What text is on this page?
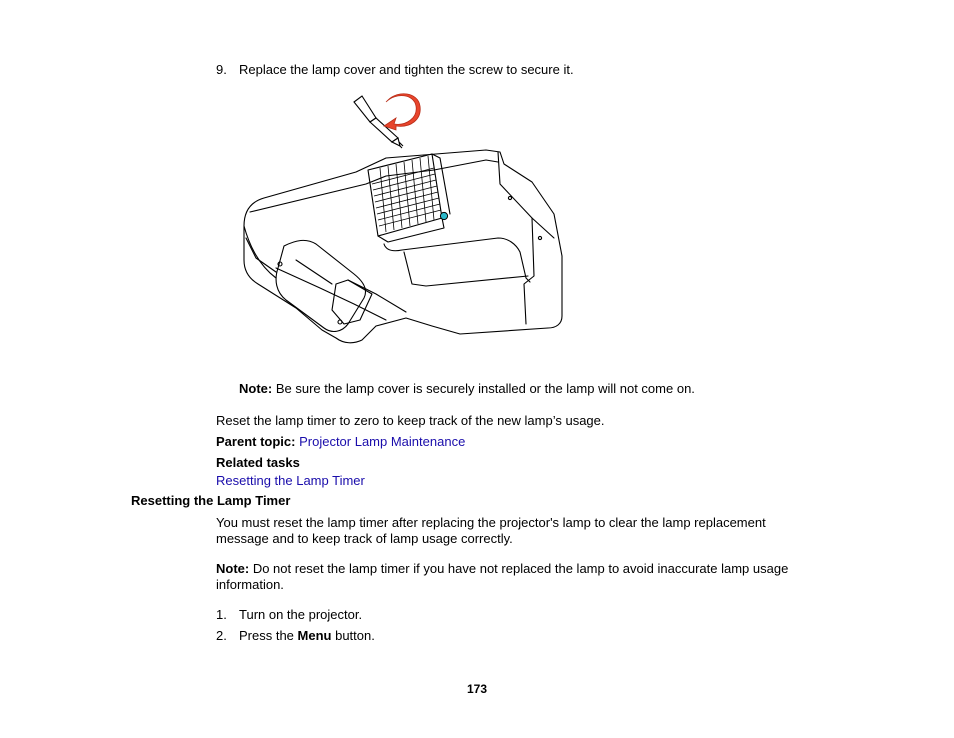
9. Replace the lamp cover and tighten the screw to secure it.
Note: Be sure the lamp cover is securely installed or the lamp will not come on.
Reset the lamp timer to zero to keep track of the new lamp’s usage.
Parent topic: Projector Lamp Maintenance
Related tasks
Resetting the Lamp Timer
Resetting the Lamp Timer
You must reset the lamp timer after replacing the projector's lamp to clear the lamp replacement
message and to keep track of lamp usage correctly.
Note: Do not reset the lamp timer if you have not replaced the lamp to avoid inaccurate lamp usage
information.
1. Turn on the projector.
2. Press the Menu button.
173
